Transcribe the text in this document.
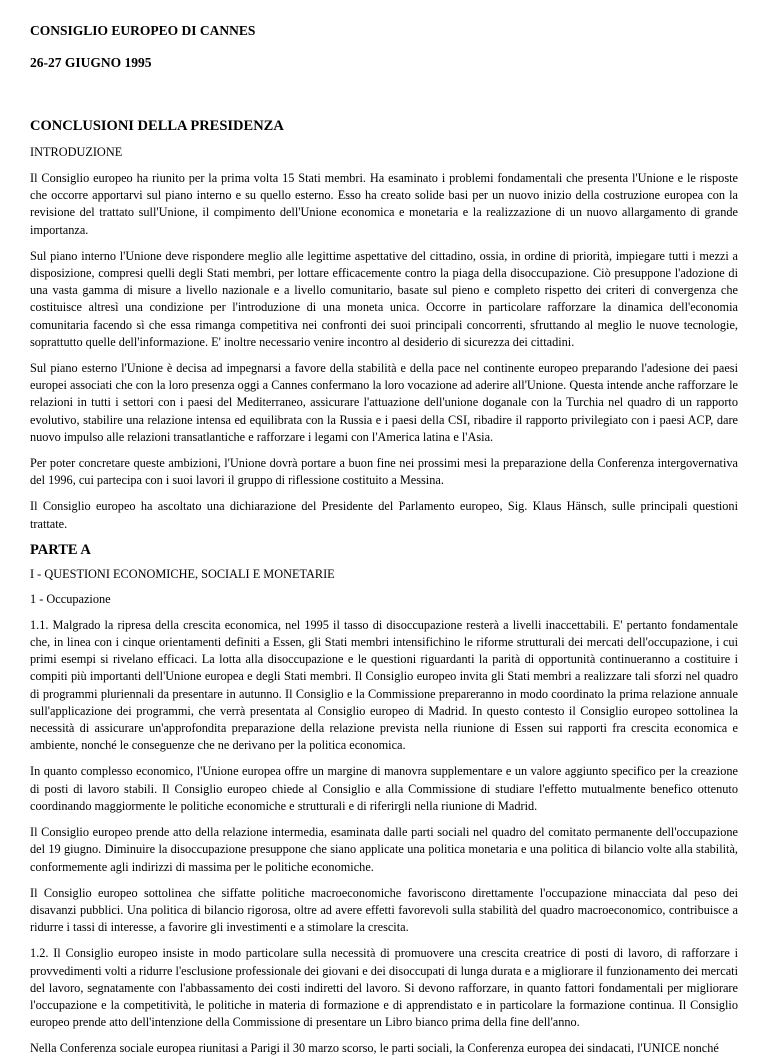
CONSIGLIO EUROPEO DI CANNES
26-27 GIUGNO 1995
CONCLUSIONI DELLA PRESIDENZA
INTRODUZIONE

Il Consiglio europeo ha riunito per la prima volta 15 Stati membri. Ha esaminato i problemi fondamentali che presenta l'Unione e le risposte che occorre apportarvi sul piano interno e su quello esterno. Esso ha creato solide basi per un nuovo inizio della costruzione europea con la revisione del trattato sull'Unione, il compimento dell'Unione economica e monetaria e la realizzazione di un nuovo allargamento di grande importanza.

Sul piano interno l'Unione deve rispondere meglio alle legittime aspettative del cittadino, ossia, in ordine di priorità, impiegare tutti i mezzi a disposizione, compresi quelli degli Stati membri, per lottare efficacemente contro la piaga della disoccupazione. Ciò presuppone l'adozione di una vasta gamma di misure a livello nazionale e a livello comunitario, basate sul pieno e completo rispetto dei criteri di convergenza che costituisce altresì una condizione per l'introduzione di una moneta unica. Occorre in particolare rafforzare la dinamica dell'economia comunitaria facendo sì che essa rimanga competitiva nei confronti dei suoi principali concorrenti, sfruttando al meglio le nuove tecnologie, soprattutto quelle dell'informazione. E' inoltre necessario venire incontro al desiderio di sicurezza dei cittadini.

Sul piano esterno l'Unione è decisa ad impegnarsi a favore della stabilità e della pace nel continente europeo preparando l'adesione dei paesi europei associati che con la loro presenza oggi a Cannes confermano la loro vocazione ad aderire all'Unione. Questa intende anche rafforzare le relazioni in tutti i settori con i paesi del Mediterraneo, assicurare l'attuazione dell'unione doganale con la Turchia nel quadro di un rapporto evolutivo, stabilire una relazione intensa ed equilibrata con la Russia e i paesi della CSI, ribadire il rapporto privilegiato con i paesi ACP, dare nuovo impulso alle relazioni transatlantiche e rafforzare i legami con l'America latina e l'Asia.

Per poter concretare queste ambizioni, l'Unione dovrà portare a buon fine nei prossimi mesi la preparazione della Conferenza intergovernativa del 1996, cui partecipa con i suoi lavori il gruppo di riflessione costituito a Messina.

Il Consiglio europeo ha ascoltato una dichiarazione del Presidente del Parlamento europeo, Sig. Klaus Hänsch, sulle principali questioni trattate.

PARTE A
I - QUESTIONI ECONOMICHE, SOCIALI E MONETARIE
1 - Occupazione

1.1. Malgrado la ripresa della crescita economica, nel 1995 il tasso di disoccupazione resterà a livelli inaccettabili. E' pertanto fondamentale che, in linea con i cinque orientamenti definiti a Essen, gli Stati membri intensifichino le riforme strutturali dei mercati dell'occupazione, i cui primi esempi si rivelano efficaci. La lotta alla disoccupazione e le questioni riguardanti la parità di opportunità continueranno a costituire i compiti più importanti dell'Unione europea e degli Stati membri. Il Consiglio europeo invita gli Stati membri a realizzare tali sforzi nel quadro di programmi pluriennali da presentare in autunno. Il Consiglio e la Commissione prepareranno in modo coordinato la prima relazione annuale sull'applicazione dei programmi, che verrà presentata al Consiglio europeo di Madrid. In questo contesto il Consiglio europeo sottolinea la necessità di assicurare un'approfondita preparazione della relazione prevista nella riunione di Essen sui rapporti fra crescita economica e ambiente, nonché le conseguenze che ne derivano per la politica economica.

In quanto complesso economico, l'Unione europea offre un margine di manovra supplementare e un valore aggiunto specifico per la creazione di posti di lavoro stabili. Il Consiglio europeo chiede al Consiglio e alla Commissione di studiare l'effetto mutualmente benefico ottenuto coordinando maggiormente le politiche economiche e strutturali e di riferirgli nella riunione di Madrid.

Il Consiglio europeo prende atto della relazione intermedia, esaminata dalle parti sociali nel quadro del comitato permanente dell'occupazione del 19 giugno. Diminuire la disoccupazione presuppone che siano applicate una politica monetaria e una politica di bilancio volte alla stabilità, conformemente agli indirizzi di massima per le politiche economiche.

Il Consiglio europeo sottolinea che siffatte politiche macroeconomiche favoriscono direttamente l'occupazione minacciata dal peso dei disavanzi pubblici. Una politica di bilancio rigorosa, oltre ad avere effetti favorevoli sulla stabilità del quadro macroeconomico, contribuisce a ridurre i tassi di interesse, a favorire gli investimenti e a stimolare la crescita.

1.2. Il Consiglio europeo insiste in modo particolare sulla necessità di promuovere una crescita creatrice di posti di lavoro, di rafforzare i provvedimenti volti a ridurre l'esclusione professionale dei giovani e dei disoccupati di lunga durata e a migliorare il funzionamento dei mercati del lavoro, segnatamente con l'abbassamento dei costi indiretti del lavoro. Si devono rafforzare, in quanto fattori fondamentali per migliorare l'occupazione e la competitività, le politiche in materia di formazione e di apprendistato e in particolare la formazione continua. Il Consiglio europeo prende atto dell'intenzione della Commissione di presentare un Libro bianco prima della fine dell'anno.

Nella Conferenza sociale europea riunitasi a Parigi il 30 marzo scorso, le parti sociali, la Conferenza europea dei sindacati, l'UNICE nonché
